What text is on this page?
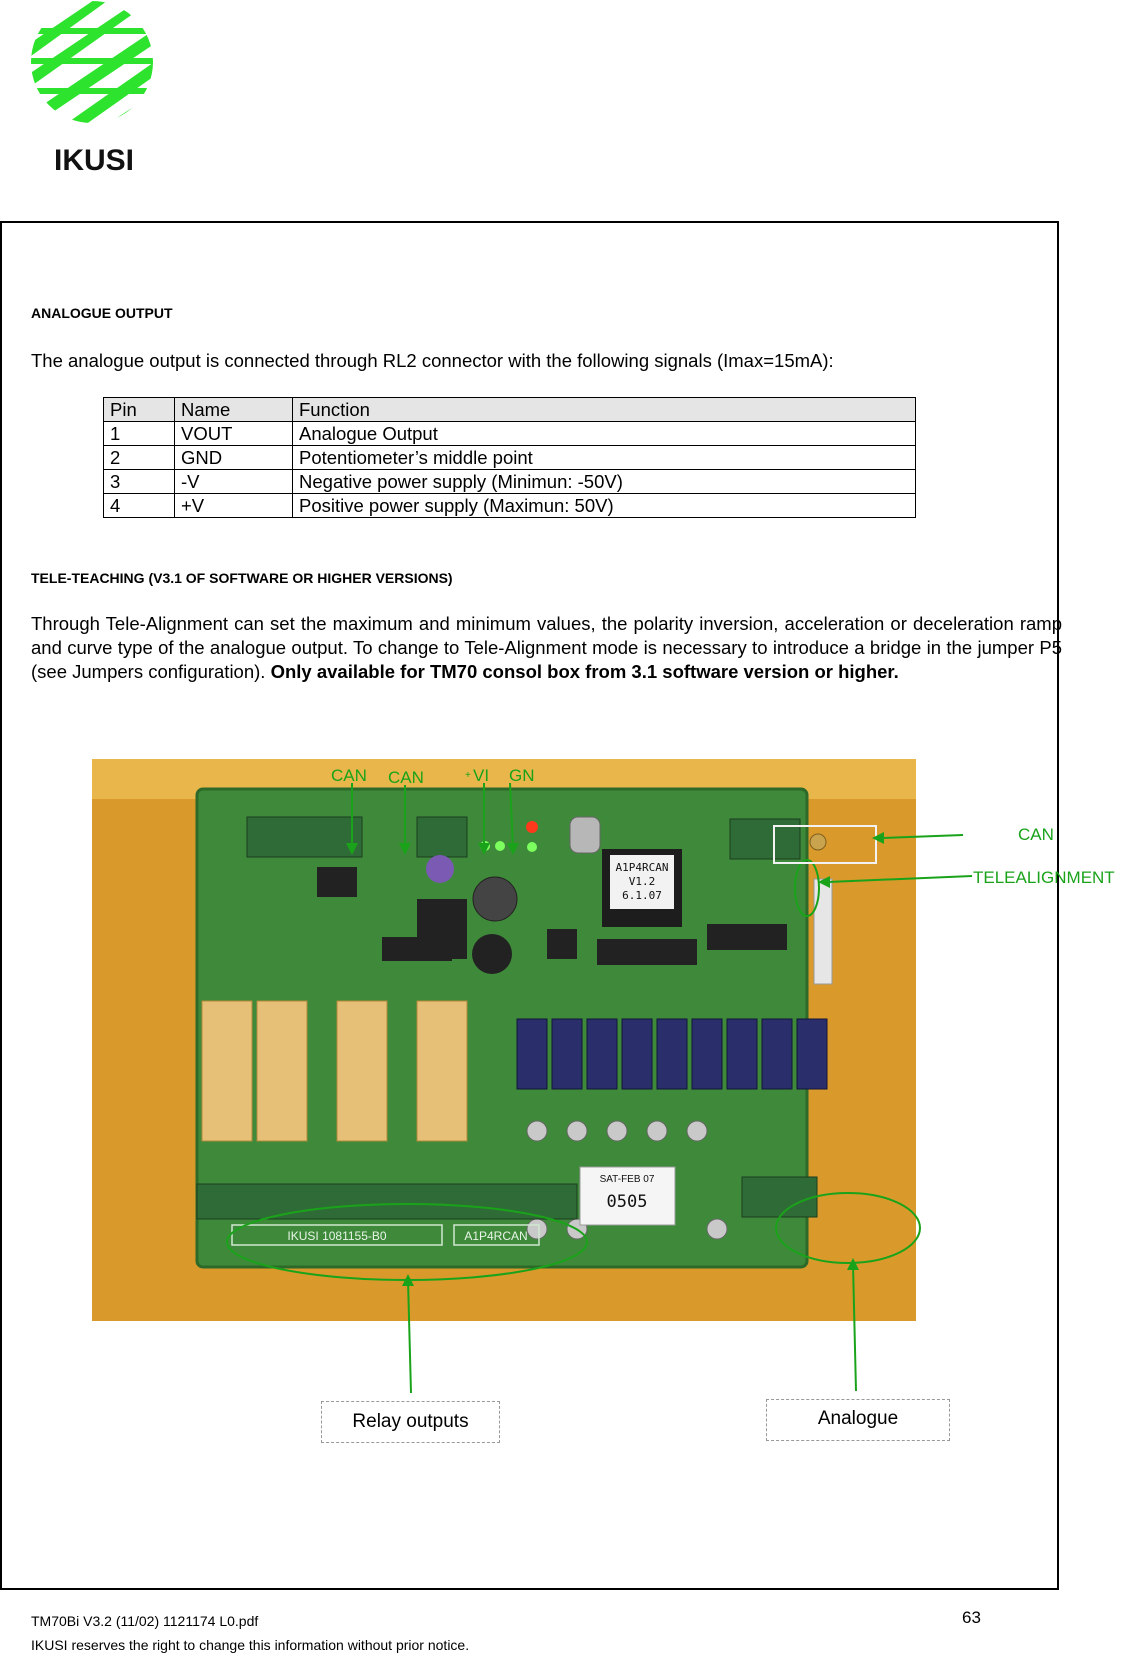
IKUSI
ANALOGUE OUTPUT
The analogue output is connected through RL2 connector with the following signals (Imax=15mA):
Pin	Name	Function
1	VOUT	Analogue Output
2	GND	Potentiometer’s middle point
3	-V	Negative power supply (Minimun: -50V)
4	+V	Positive power supply (Maximun: 50V)
TELE-TEACHING (V3.1 OF SOFTWARE OR HIGHER VERSIONS)
Through Tele-Alignment can set the maximum and minimum values, the polarity inversion, acceleration or deceleration ramp and curve type of the analogue output. To change to Tele-Alignment mode is necessary to introduce a bridge in the jumper P5 (see Jumpers configuration). Only available for TM70 consol box from 3.1 software version or higher.
A1P4RCAN
V1.2
6.1.07
SAT-FEB 07
0505
IKUSI 1081155-B0	A1P4RCAN
CAN CAN	+ VI GN
CAN
TELEALIGNMENT
Relay outputs	Analogue
TM70Bi V3.2 (11/02) 1121174 L0.pdf
IKUSI reserves the right to change this information without prior notice.
63
